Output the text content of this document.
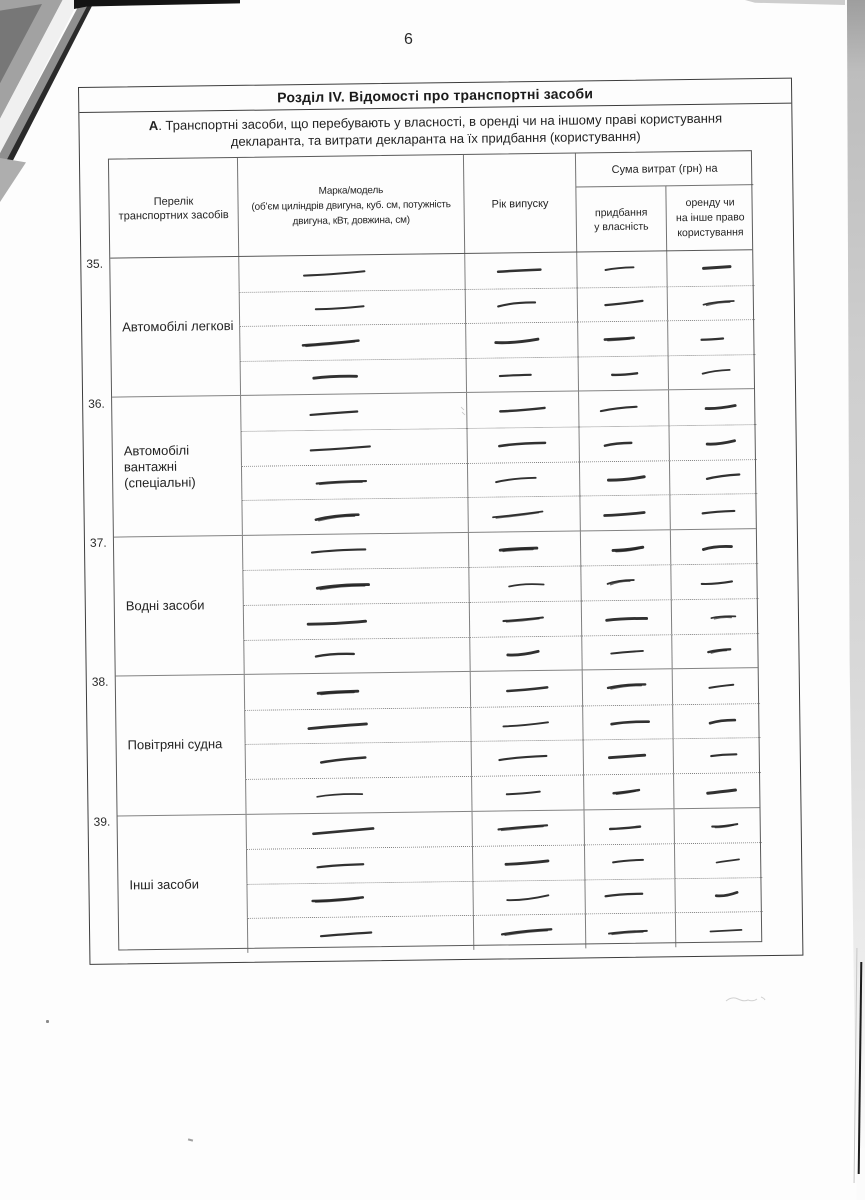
6
Розділ IV. Відомості про транспортні засоби
А. Транспортні засоби, що перебувають у власності, в оренді чи на іншому праві користування
декларанта, та витрати декларанта на їх придбання (користування)
Перелік
транспортних засобів
Марка/модель
(об’єм циліндрів двигуна, куб. см, потужність
двигуна, кВт, довжина, см)
Рік випуску
Сума витрат (грн) на
придбання
у власність
оренду чи
на інше право
користування
35.
Автомобілі легкові
36.
Автомобілі вантажні (спеціальні)
37.
Водні засоби
38.
Повітряні судна
39.
Інші засоби
